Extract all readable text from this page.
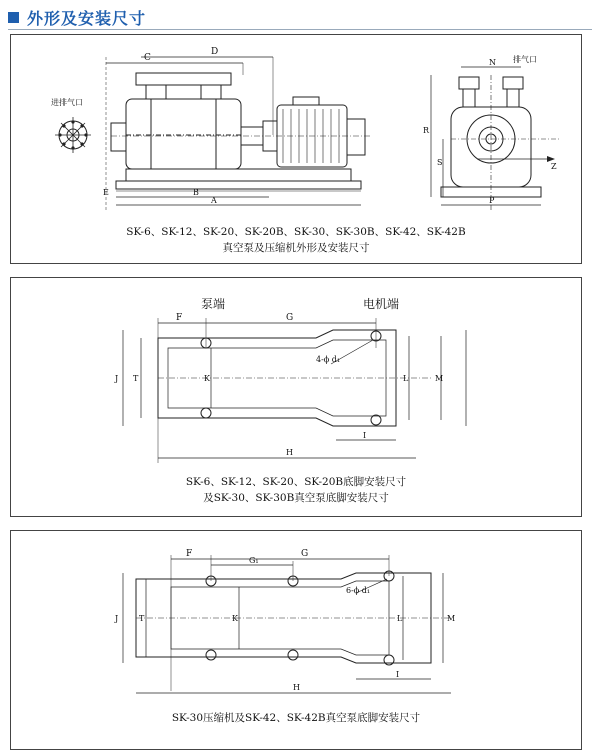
外形及安装尺寸
C
D
进排气口
B
A
E
N 排气口
Z
R
S
P
SK-6、SK-12、SK-20、SK-20B、SK-30、SK-30B、SK-42、SK-42B
真空泵及压缩机外形及安装尺寸
泵端	电机端
F	G
4-ϕ d₁
J T	K	L	M
I
H
SK-6、SK-12、SK-20、SK-20B底脚安装尺寸
及SK-30、SK-30B真空泵底脚安装尺寸
F
G₁
G
6-ϕ d₁
J	T	K	L	M
I
H
SK-30压缩机及SK-42、SK-42B真空泵底脚安装尺寸
